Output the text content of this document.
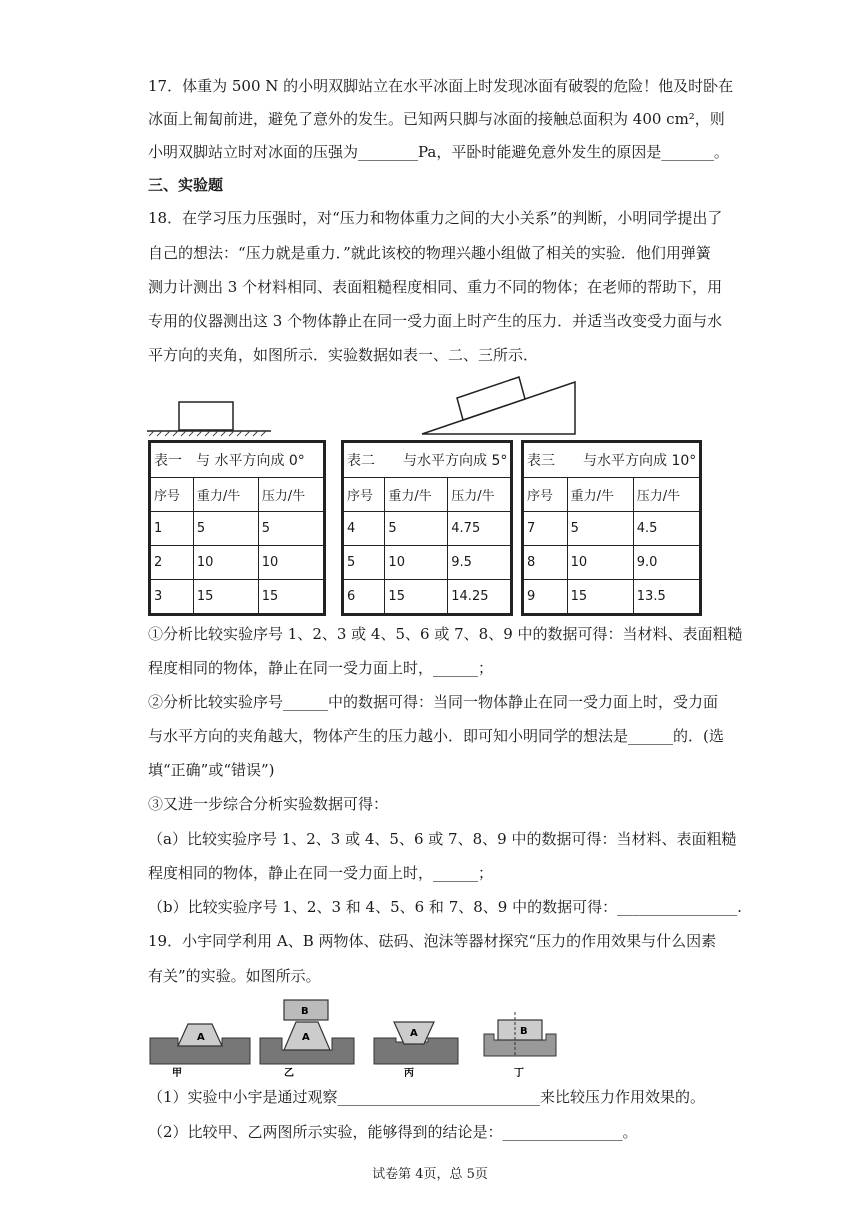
17．体重为 500 N 的小明双脚站立在水平冰面上时发现冰面有破裂的危险！他及时卧在
冰面上匍匐前进，避免了意外的发生。已知两只脚与冰面的接触总面积为 400 cm²，则
小明双脚站立时对冰面的压强为________Pa，平卧时能避免意外发生的原因是_______。
三、实验题
18．在学习压力压强时，对“压力和物体重力之间的大小关系”的判断，小明同学提出了
自己的想法：“压力就是重力．”就此该校的物理兴趣小组做了相关的实验．他们用弹簧
测力计测出 3 个材料相同、表面粗糙程度相同、重力不同的物体；在老师的帮助下，用
专用的仪器测出这 3 个物体静止在同一受力面上时产生的压力．并适当改变受力面与水
平方向的夹角，如图所示．实验数据如表一、二、三所示．
表一　与 水平方向成 0°		
序号	重力/牛	压力/牛
1	5	5
2	10	10
3	15	15
表二　　与水平方向成 5°		
序号	重力/牛	压力/牛
4	5	4.75
5	10	9.5
6	15	14.25
表三　　与水平方向成 10°		
序号	重力/牛	压力/牛
7	5	4.5
8	10	9.0
9	15	13.5
①分析比较实验序号 1、2、3 或 4、5、6 或 7、8、9 中的数据可得：当材料、表面粗糙
程度相同的物体，静止在同一受力面上时，______；
②分析比较实验序号______中的数据可得：当同一物体静止在同一受力面上时，受力面
与水平方向的夹角越大，物体产生的压力越小．即可知小明同学的想法是______的．(选
填“正确”或“错误”)
③又进一步综合分析实验数据可得：
（a）比较实验序号 1、2、3 或 4、5、6 或 7、8、9 中的数据可得：当材料、表面粗糙
程度相同的物体，静止在同一受力面上时，______；
（b）比较实验序号 1、2、3 和 4、5、6 和 7、8、9 中的数据可得：________________.
19．小宇同学利用 A、B 两物体、砝码、泡沫等器材探究“压力的作用效果与什么因素
有关”的实验。如图所示。
A
甲
B
A
乙
A
丙
B
丁
（1）实验中小宇是通过观察___________________________来比较压力作用效果的。
（2）比较甲、乙两图所示实验，能够得到的结论是：________________。
试卷第 4页，总 5页
